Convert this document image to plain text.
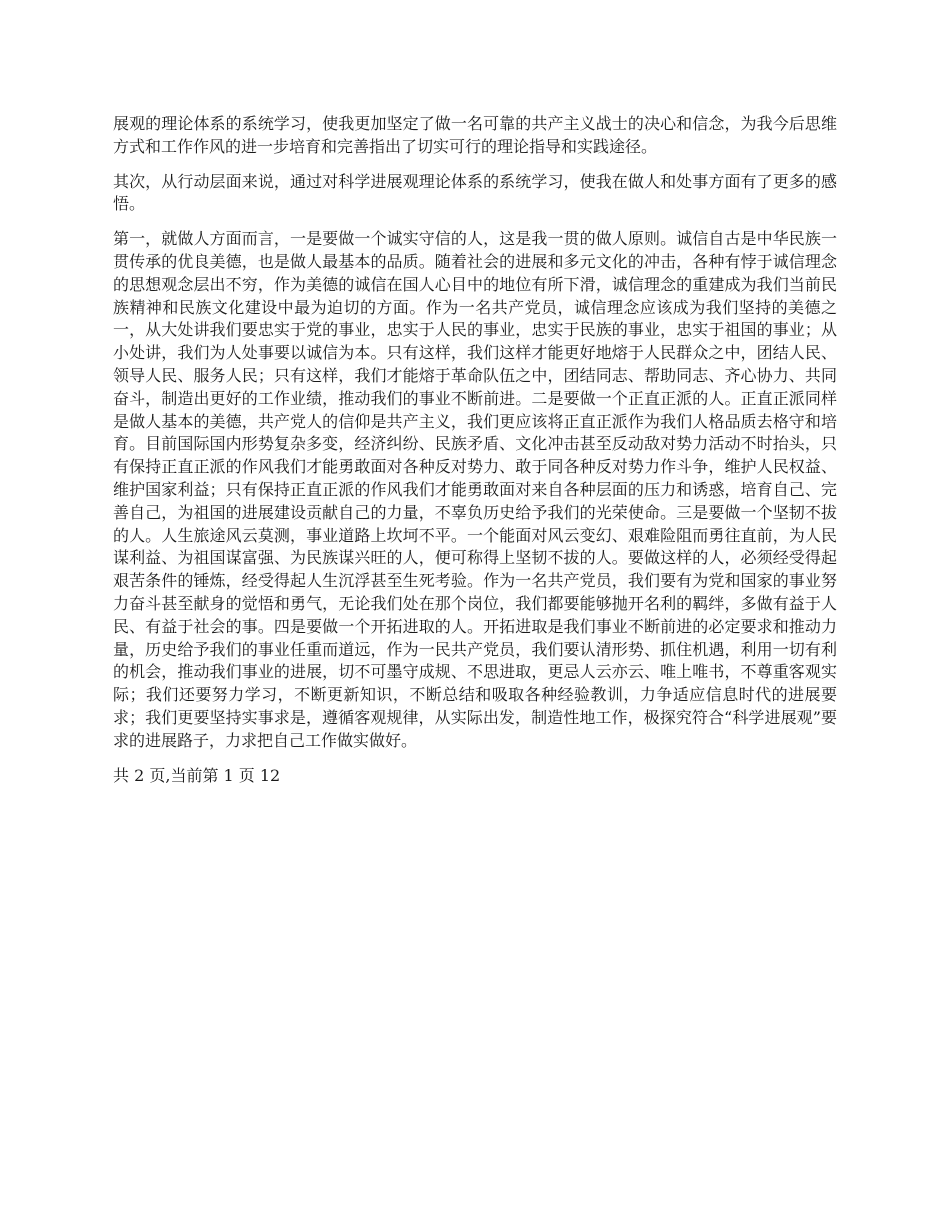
展观的理论体系的系统学习，使我更加坚定了做一名可靠的共产主义战士的决心和信念，为我今后思维方式和工作作风的进一步培育和完善指出了切实可行的理论指导和实践途径。

其次，从行动层面来说，通过对科学进展观理论体系的系统学习，使我在做人和处事方面有了更多的感悟。

第一，就做人方面而言，一是要做一个诚实守信的人，这是我一贯的做人原则。诚信自古是中华民族一贯传承的优良美德，也是做人最基本的品质。随着社会的进展和多元文化的冲击，各种有悖于诚信理念的思想观念层出不穷，作为美德的诚信在国人心目中的地位有所下滑，诚信理念的重建成为我们当前民族精神和民族文化建设中最为迫切的方面。作为一名共产党员，诚信理念应该成为我们坚持的美德之一，从大处讲我们要忠实于党的事业，忠实于人民的事业，忠实于民族的事业，忠实于祖国的事业；从小处讲，我们为人处事要以诚信为本。只有这样，我们这样才能更好地熔于人民群众之中，团结人民、领导人民、服务人民；只有这样，我们才能熔于革命队伍之中，团结同志、帮助同志、齐心协力、共同奋斗，制造出更好的工作业绩，推动我们的事业不断前进。二是要做一个正直正派的人。正直正派同样是做人基本的美德，共产党人的信仰是共产主义，我们更应该将正直正派作为我们人格品质去格守和培育。目前国际国内形势复杂多变，经济纠纷、民族矛盾、文化冲击甚至反动敌对势力活动不时抬头，只有保持正直正派的作风我们才能勇敢面对各种反对势力、敢于同各种反对势力作斗争，维护人民权益、维护国家利益；只有保持正直正派的作风我们才能勇敢面对来自各种层面的压力和诱惑，培育自己、完善自己，为祖国的进展建设贡献自己的力量，不辜负历史给予我们的光荣使命。三是要做一个坚韧不拔的人。人生旅途风云莫测，事业道路上坎坷不平。一个能面对风云变幻、艰难险阻而勇往直前，为人民谋利益、为祖国谋富强、为民族谋兴旺的人，便可称得上坚韧不拔的人。要做这样的人，必须经受得起艰苦条件的锤炼，经受得起人生沉浮甚至生死考验。作为一名共产党员，我们要有为党和国家的事业努力奋斗甚至献身的觉悟和勇气，无论我们处在那个岗位，我们都要能够抛开名利的羁绊，多做有益于人民、有益于社会的事。四是要做一个开拓进取的人。开拓进取是我们事业不断前进的必定要求和推动力量，历史给予我们的事业任重而道远，作为一民共产党员，我们要认清形势、抓住机遇，利用一切有利的机会，推动我们事业的进展，切不可墨守成规、不思进取，更忌人云亦云、唯上唯书，不尊重客观实际；我们还要努力学习，不断更新知识，不断总结和吸取各种经验教训，力争适应信息时代的进展要求；我们更要坚持实事求是，遵循客观规律，从实际出发，制造性地工作，极探究符合“科学进展观”要求的进展路子，力求把自己工作做实做好。

共 2 页,当前第 1 页 12
